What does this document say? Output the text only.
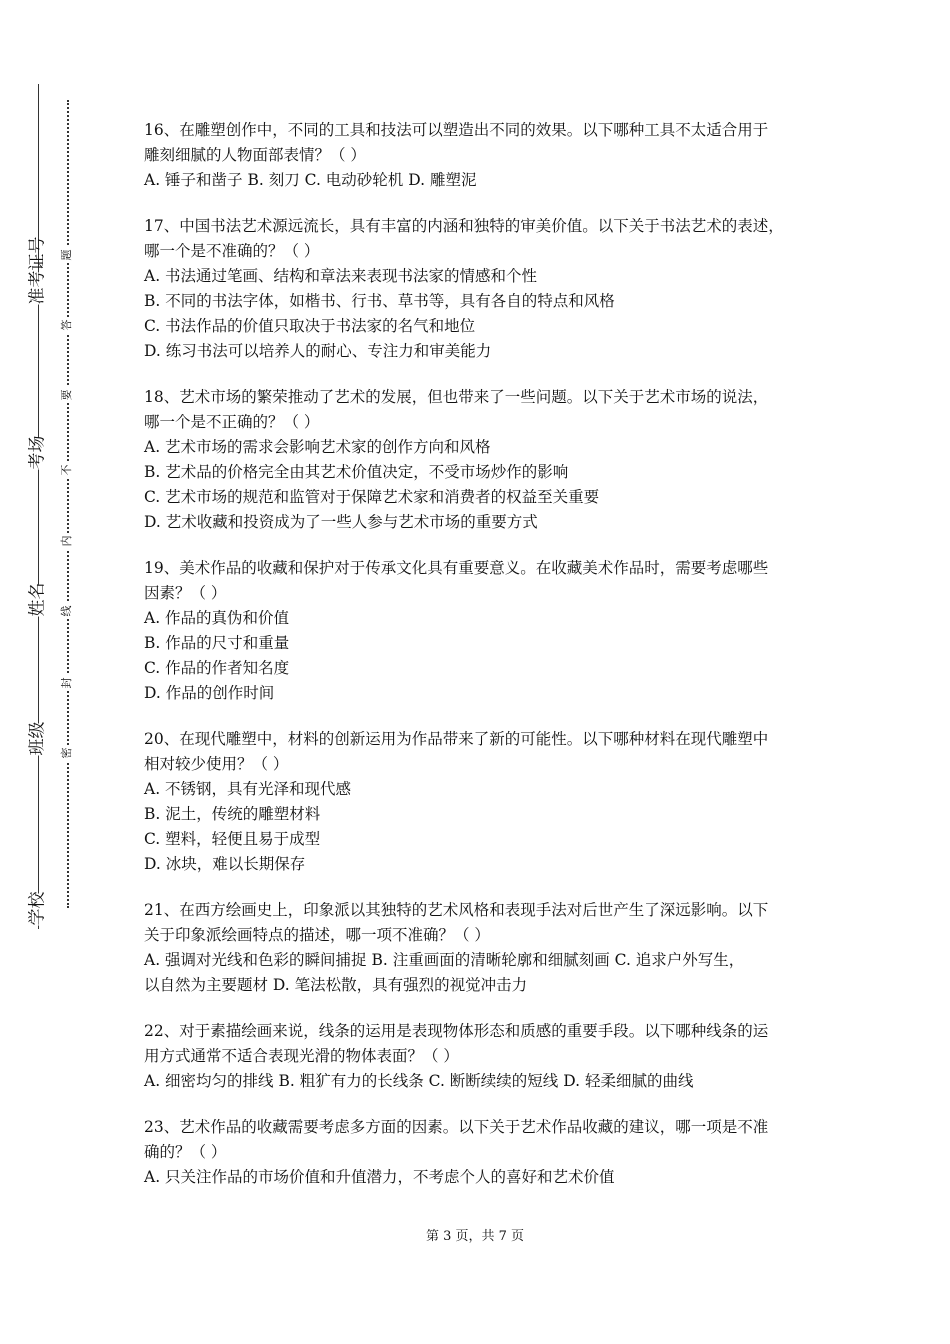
准考证号
考场
姓名
班级
学校
题
答
要
不
内
线
封
密

16、在雕塑创作中，不同的工具和技法可以塑造出不同的效果。以下哪种工具不太适合用于

雕刻细腻的人物面部表情？（ ）

A. 锤子和凿子 B. 刻刀 C. 电动砂轮机 D. 雕塑泥

17、中国书法艺术源远流长，具有丰富的内涵和独特的审美价值。以下关于书法艺术的表述，

哪一个是不准确的？（ ）

A. 书法通过笔画、结构和章法来表现书法家的情感和个性

B. 不同的书法字体，如楷书、行书、草书等，具有各自的特点和风格

C. 书法作品的价值只取决于书法家的名气和地位

D. 练习书法可以培养人的耐心、专注力和审美能力

18、艺术市场的繁荣推动了艺术的发展，但也带来了一些问题。以下关于艺术市场的说法，

哪一个是不正确的？（ ）

A. 艺术市场的需求会影响艺术家的创作方向和风格

B. 艺术品的价格完全由其艺术价值决定，不受市场炒作的影响

C. 艺术市场的规范和监管对于保障艺术家和消费者的权益至关重要

D. 艺术收藏和投资成为了一些人参与艺术市场的重要方式

19、美术作品的收藏和保护对于传承文化具有重要意义。在收藏美术作品时，需要考虑哪些

因素？（ ）

A. 作品的真伪和价值

B. 作品的尺寸和重量

C. 作品的作者知名度

D. 作品的创作时间

20、在现代雕塑中，材料的创新运用为作品带来了新的可能性。以下哪种材料在现代雕塑中

相对较少使用？（ ）

A. 不锈钢，具有光泽和现代感

B. 泥土，传统的雕塑材料

C. 塑料，轻便且易于成型

D. 冰块，难以长期保存

21、在西方绘画史上，印象派以其独特的艺术风格和表现手法对后世产生了深远影响。以下

关于印象派绘画特点的描述，哪一项不准确？（ ）

A. 强调对光线和色彩的瞬间捕捉 B. 注重画面的清晰轮廓和细腻刻画 C. 追求户外写生，

以自然为主要题材 D. 笔法松散，具有强烈的视觉冲击力

22、对于素描绘画来说，线条的运用是表现物体形态和质感的重要手段。以下哪种线条的运

用方式通常不适合表现光滑的物体表面？（ ）

A. 细密均匀的排线 B. 粗犷有力的长线条 C. 断断续续的短线 D. 轻柔细腻的曲线

23、艺术作品的收藏需要考虑多方面的因素。以下关于艺术作品收藏的建议，哪一项是不准

确的？（ ）

A. 只关注作品的市场价值和升值潜力，不考虑个人的喜好和艺术价值

第 3 页，共 7 页
